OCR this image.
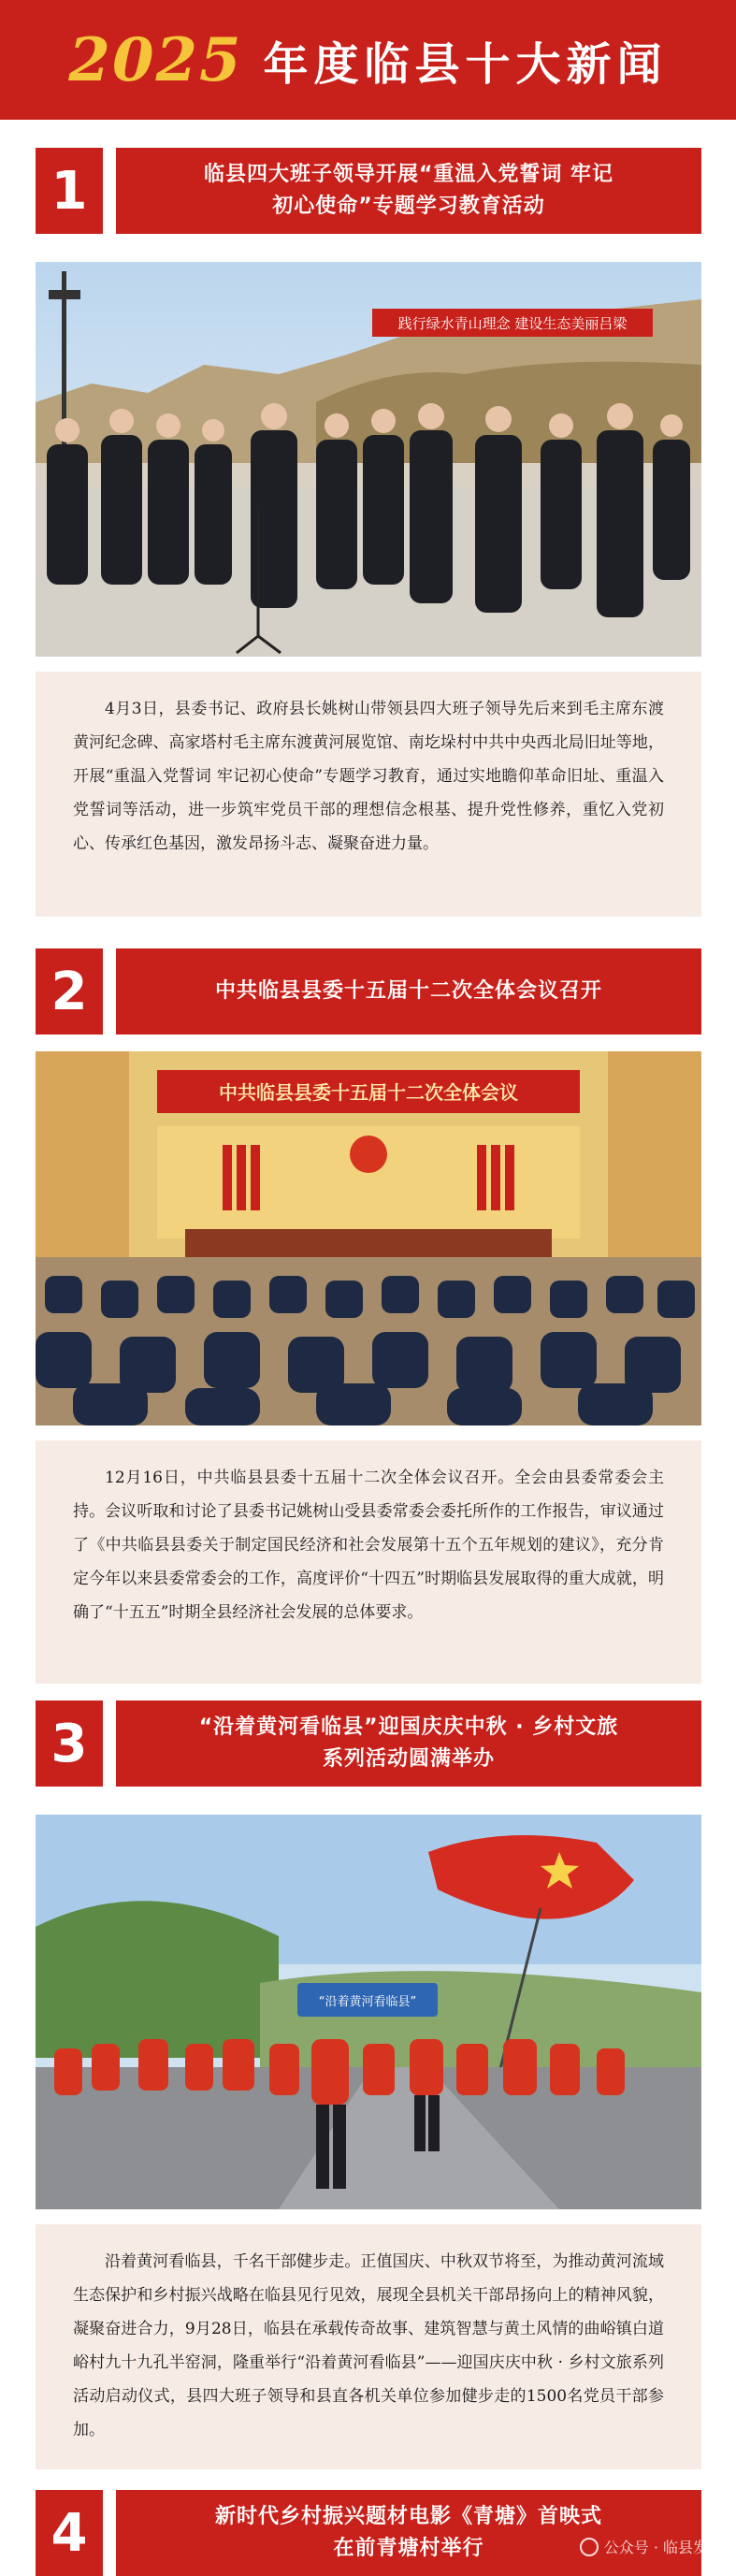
2025 年度临县十大新闻
1	临县四大班子领导开展“重温入党誓词 牢记
初心使命”专题学习教育活动
践行绿水青山理念 建设生态美丽吕梁
4月3日，县委书记、政府县长姚树山带领县四大班子领导先后来到毛主席东渡黄河纪念碑、高家塔村毛主席东渡黄河展览馆、南圪垛村中共中央西北局旧址等地，开展“重温入党誓词 牢记初心使命”专题学习教育，通过实地瞻仰革命旧址、重温入党誓词等活动，进一步筑牢党员干部的理想信念根基、提升党性修养，重忆入党初心、传承红色基因，激发昂扬斗志、凝聚奋进力量。
2	中共临县县委十五届十二次全体会议召开
中共临县县委十五届十二次全体会议
12月16日，中共临县县委十五届十二次全体会议召开。全会由县委常委会主持。会议听取和讨论了县委书记姚树山受县委常委会委托所作的工作报告，审议通过了《中共临县县委关于制定国民经济和社会发展第十五个五年规划的建议》，充分肯定今年以来县委常委会的工作，高度评价“十四五”时期临县发展取得的重大成就，明确了“十五五”时期全县经济社会发展的总体要求。
3	“沿着黄河看临县”迎国庆庆中秋 · 乡村文旅
系列活动圆满举办
“沿着黄河看临县”
沿着黄河看临县，千名干部健步走。正值国庆、中秋双节将至，为推动黄河流域生态保护和乡村振兴战略在临县见行见效，展现全县机关干部昂扬向上的精神风貌，凝聚奋进合力，9月28日，临县在承载传奇故事、建筑智慧与黄土风情的曲峪镇白道峪村九十九孔半窑洞，隆重举行“沿着黄河看临县”——迎国庆庆中秋 · 乡村文旅系列活动启动仪式，县四大班子领导和县直各机关单位参加健步走的1500名党员干部参加。
4	新时代乡村振兴题材电影《青塘》首映式
在前青塘村举行	公众号 · 临县发布
